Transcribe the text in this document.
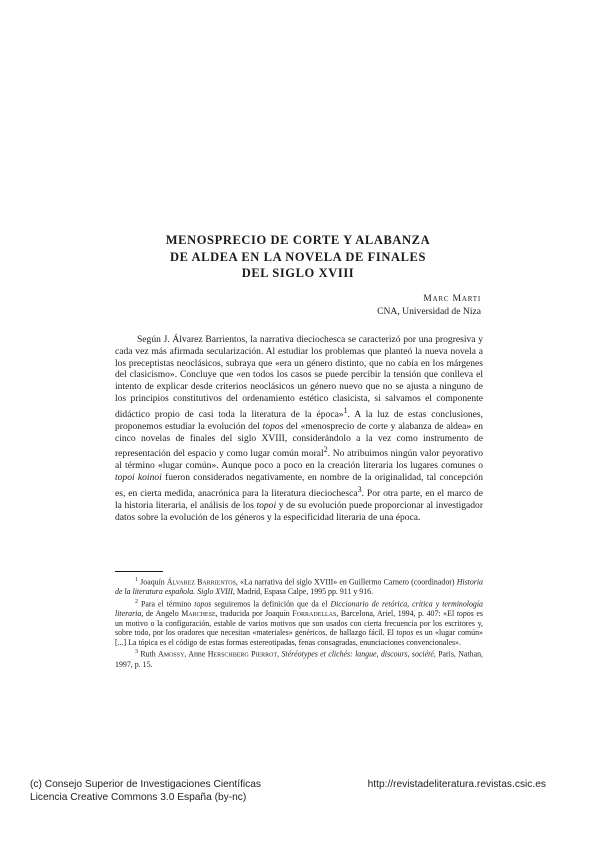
MENOSPRECIO DE CORTE Y ALABANZA
DE ALDEA EN LA NOVELA DE FINALES
DEL SIGLO XVIII
Marc Marti
CNA, Universidad de Niza

Según J. Álvarez Barrientos, la narrativa dieciochesca se caracterizó por una progresiva y cada vez más afirmada secularización. Al estudiar los problemas que planteó la nueva novela a los preceptistas neoclásicos, subraya que «era un género distinto, que no cabía en los márgenes del clasicismo». Concluye que «en todos los casos se puede percibir la tensión que conlleva el intento de explicar desde criterios neoclásicos un género nuevo que no se ajusta a ninguno de los principios constitutivos del ordenamiento estético clasicista, si salvamos el componente didáctico propio de casi toda la literatura de la época»$^1$. A la luz de estas conclusiones, proponemos estudiar la evolución del topos del «menosprecio de corte y alabanza de aldea» en cinco novelas de finales del siglo XVIII, considerándolo a la vez como instrumento de representación del espacio y como lugar común moral$^2$. No atribuimos ningún valor peyorativo al término «lugar común». Aunque poco a poco en la creación literaria los lugares comunes o topoi koinoi fueron considerados negativamente, en nombre de la originalidad, tal concepción es, en cierta medida, anacrónica para la literatura dieciochesca$^3$. Por otra parte, en el marco de la historia literaria, el análisis de los topoi y de su evolución puede proporcionar al investigador datos sobre la evolución de los géneros y la especificidad literaria de una época.

$^1$ Joaquín Álvarez Barrientos, «La narrativa del siglo XVIII» en Guillermo Carnero (coordinador) Historia de la literatura española. Siglo XVIII, Madrid, Espasa Calpe, 1995 pp. 911 y 916.

$^2$ Para el término topos seguiremos la definición que da el Diccionario de retórica, crítica y terminología literaria, de Angelo Marchese, traducida por Joaquín Forradellas, Barcelona, Ariel, 1994, p. 407: «El topos es un motivo o la configuración, estable de varios motivos que son usados con cierta frecuencia por los escritores y, sobre todo, por los oradores que necesitan «materiales» genéricos, de hallazgo fácil. El topos es un «lugar común» [...] La tópica es el código de estas formas estereotipadas, fenas consagradas, enunciaciones convencionales».

$^3$ Ruth Amossy, Anne Herschberg Pierrot, Stéréotypes et clichés: langue, discours, société, Paris, Nathan, 1997, p. 15.

(c) Consejo Superior de Investigaciones Científicas
Licencia Creative Commons 3.0 España (by-nc)
http://revistadeliteratura.revistas.csic.es
